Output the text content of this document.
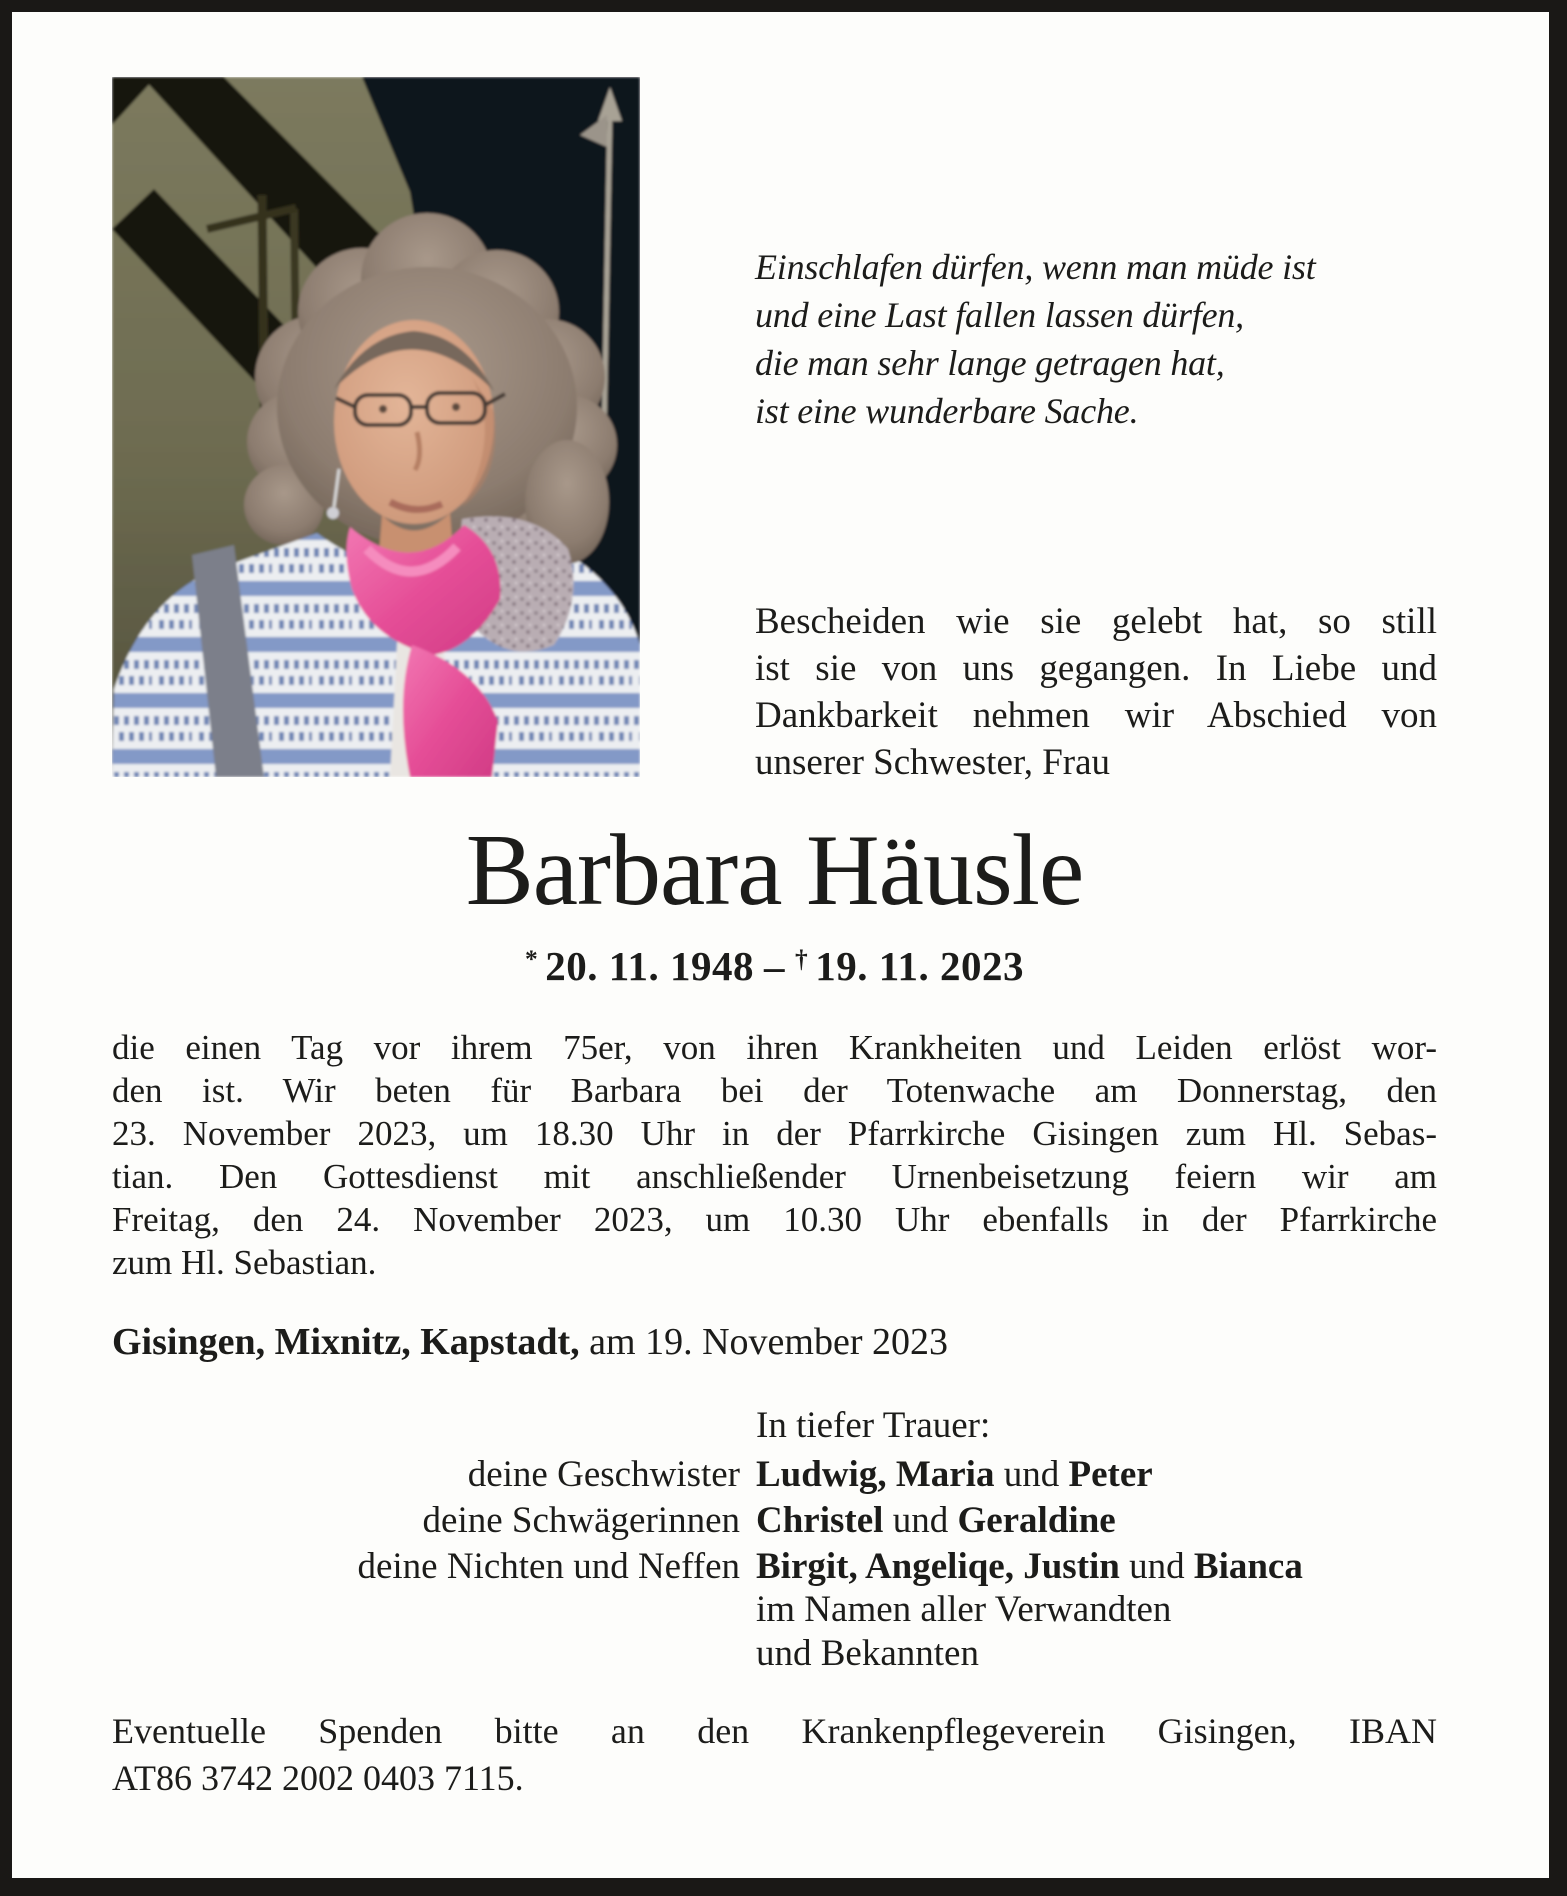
Einschlafen dürfen, wenn man müde ist
und eine Last fallen lassen dürfen,
die man sehr lange getragen hat,
ist eine wunderbare Sache.
Bescheiden wie sie gelebt hat, so still
ist sie von uns gegangen. In Liebe und
Dankbarkeit nehmen wir Abschied von
unserer Schwester, Frau
Barbara Häusle
* 20. 11. 1948 – † 19. 11. 2023
die einen Tag vor ihrem 75er, von ihren Krankheiten und Leiden erlöst wor-
den ist. Wir beten für Barbara bei der Totenwache am Donnerstag, den
23. November 2023, um 18.30 Uhr in der Pfarrkirche Gisingen zum Hl. Sebas-
tian. Den Gottesdienst mit anschließender Urnenbeisetzung feiern wir am
Freitag, den 24. November 2023, um 10.30 Uhr ebenfalls in der Pfarrkirche
zum Hl. Sebastian.
Gisingen, Mixnitz, Kapstadt, am 19. November 2023
In tiefer Trauer:
deine Geschwister Ludwig, Maria und Peter
deine Schwägerinnen Christel und Geraldine
deine Nichten und Neffen Birgit, Angeliqe, Justin und Bianca
im Namen aller Verwandten
und Bekannten
Eventuelle Spenden bitte an den Krankenpflegeverein Gisingen, IBAN
AT86 3742 2002 0403 7115.
